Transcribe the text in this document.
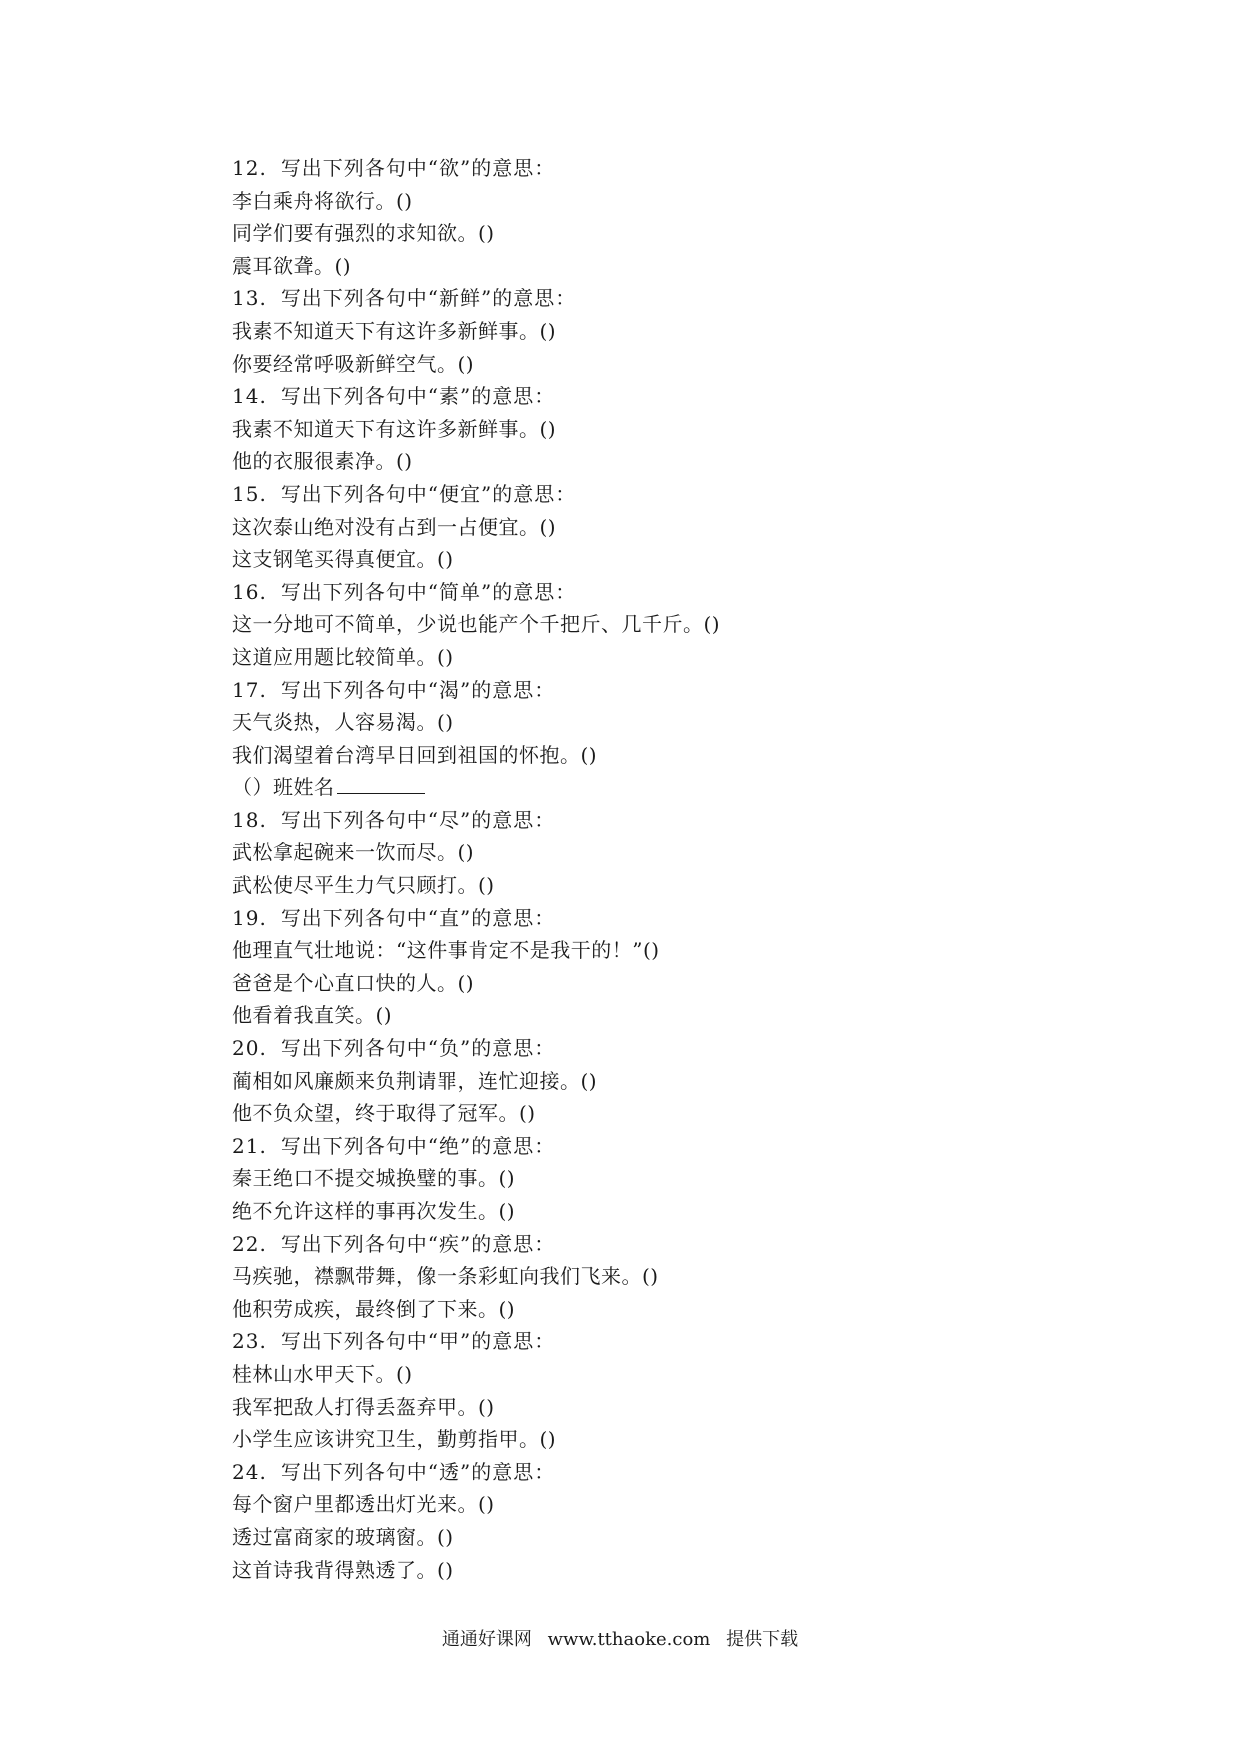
12. 写出下列各句中“欲”的意思：
李白乘舟将欲行。()
同学们要有强烈的求知欲。()
震耳欲聋。()
13. 写出下列各句中“新鲜”的意思：
我素不知道天下有这许多新鲜事。()
你要经常呼吸新鲜空气。()
14. 写出下列各句中“素”的意思：
我素不知道天下有这许多新鲜事。()
他的衣服很素净。()
15. 写出下列各句中“便宜”的意思：
这次泰山绝对没有占到一占便宜。()
这支钢笔买得真便宜。()
16. 写出下列各句中“简单”的意思：
这一分地可不简单，少说也能产个千把斤、几千斤。()
这道应用题比较简单。()
17. 写出下列各句中“渴”的意思：
天气炎热，人容易渴。()
我们渴望着台湾早日回到祖国的怀抱。()
（）班姓名
18. 写出下列各句中“尽”的意思：
武松拿起碗来一饮而尽。()
武松使尽平生力气只顾打。()
19. 写出下列各句中“直”的意思：
他理直气壮地说：“这件事肯定不是我干的！”()
爸爸是个心直口快的人。()
他看着我直笑。()
20. 写出下列各句中“负”的意思：
蔺相如风廉颇来负荆请罪，连忙迎接。()
他不负众望，终于取得了冠军。()
21. 写出下列各句中“绝”的意思：
秦王绝口不提交城换璧的事。()
绝不允许这样的事再次发生。()
22. 写出下列各句中“疾”的意思：
马疾驰，襟飘带舞，像一条彩虹向我们飞来。()
他积劳成疾，最终倒了下来。()
23. 写出下列各句中“甲”的意思：
桂林山水甲天下。()
我军把敌人打得丢盔弃甲。()
小学生应该讲究卫生，勤剪指甲。()
24. 写出下列各句中“透”的意思：
每个窗户里都透出灯光来。()
透过富商家的玻璃窗。()
这首诗我背得熟透了。()
通通好课网 www.tthaoke.com 提供下载
